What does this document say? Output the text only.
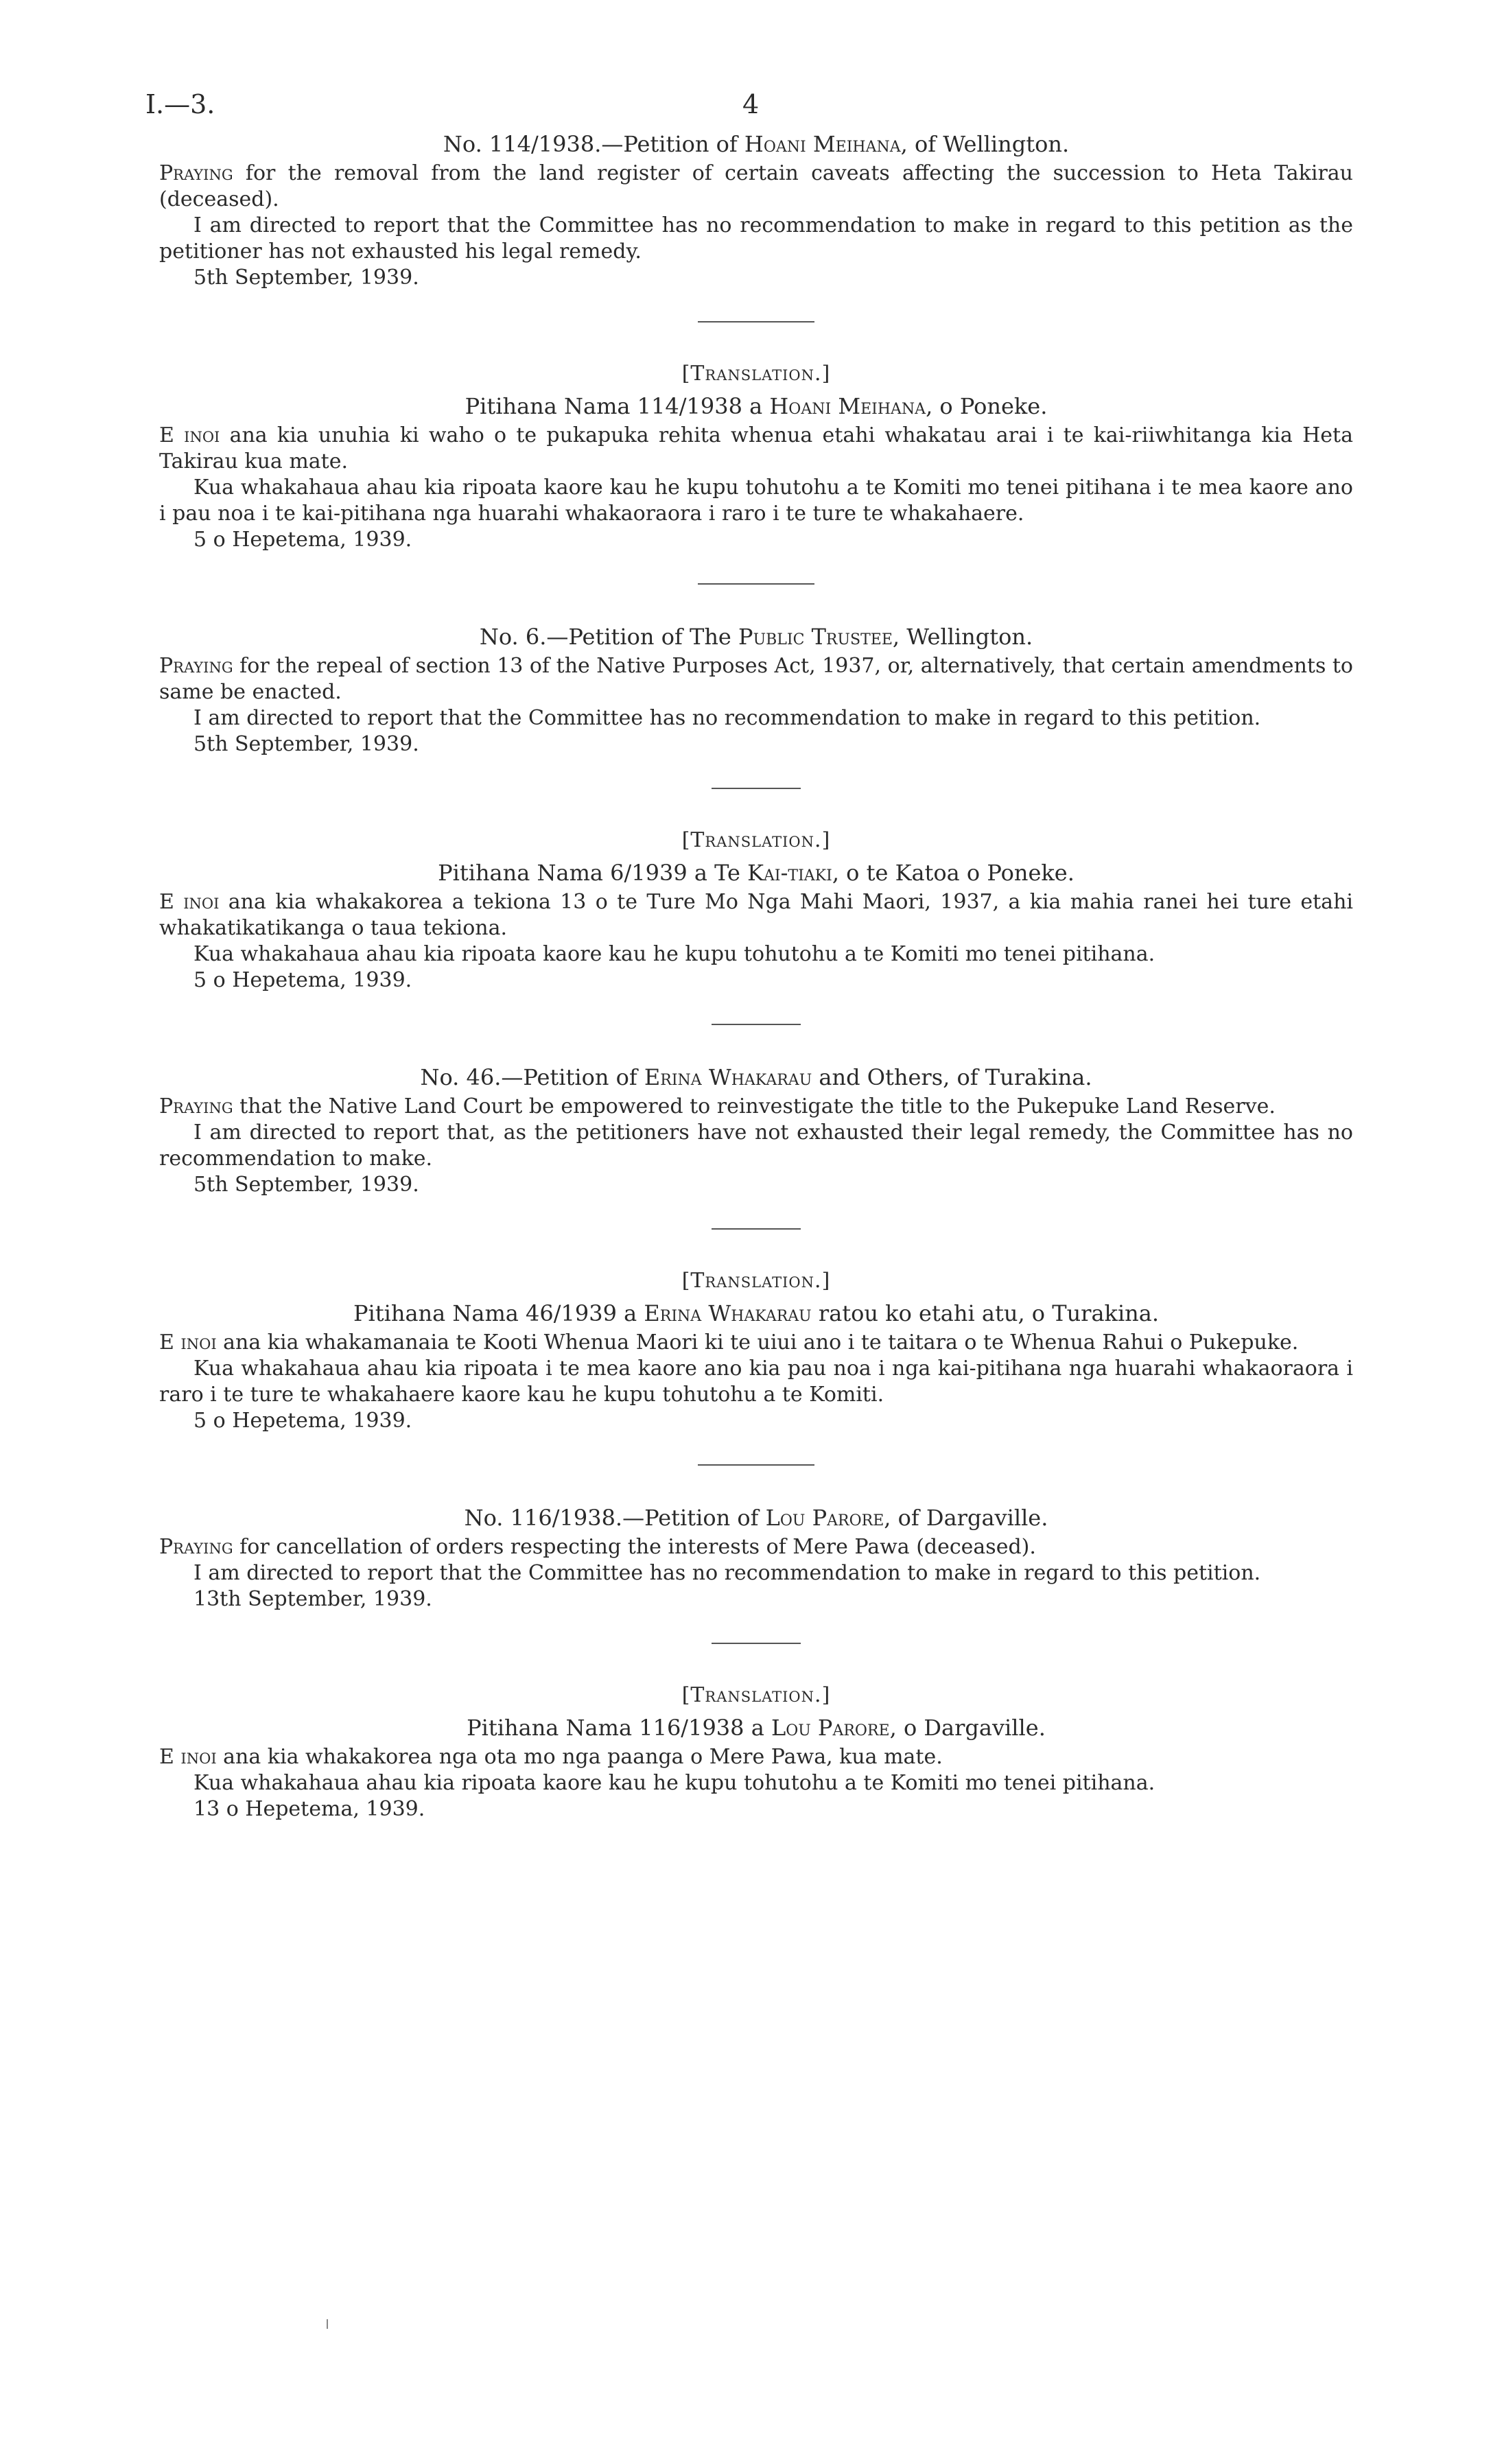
I.—3.	4

No. 114/1938.—Petition of Hoani Meihana, of Wellington.

Praying for the removal from the land register of certain caveats affecting the succession to Heta Takirau (deceased).

I am directed to report that the Committee has no recommendation to make in regard to this petition as the petitioner has not exhausted his legal remedy.

5th September, 1939.

[Translation.]

Pitihana Nama 114/1938 a Hoani Meihana, o Poneke.

E inoi ana kia unuhia ki waho o te pukapuka rehita whenua etahi whakatau arai i te kai-riiwhitanga kia Heta Takirau kua mate.

Kua whakahaua ahau kia ripoata kaore kau he kupu tohutohu a te Komiti mo tenei pitihana i te mea kaore ano i pau noa i te kai-pitihana nga huarahi whakaoraora i raro i te ture te whakahaere.

5 o Hepetema, 1939.

No. 6.—Petition of The Public Trustee, Wellington.

Praying for the repeal of section 13 of the Native Purposes Act, 1937, or, alternatively, that certain amendments to same be enacted.

I am directed to report that the Committee has no recommendation to make in regard to this petition.

5th September, 1939.

[Translation.]

Pitihana Nama 6/1939 a Te Kai-tiaki, o te Katoa o Poneke.

E inoi ana kia whakakorea a tekiona 13 o te Ture Mo Nga Mahi Maori, 1937, a kia mahia ranei hei ture etahi whakatikatikanga o taua tekiona.

Kua whakahaua ahau kia ripoata kaore kau he kupu tohutohu a te Komiti mo tenei pitihana.

5 o Hepetema, 1939.

No. 46.—Petition of Erina Whakarau and Others, of Turakina.

Praying that the Native Land Court be empowered to reinvestigate the title to the Pukepuke Land Reserve.

I am directed to report that, as the petitioners have not exhausted their legal remedy, the Committee has no recommendation to make.

5th September, 1939.

[Translation.]

Pitihana Nama 46/1939 a Erina Whakarau ratou ko etahi atu, o Turakina.

E inoi ana kia whakamanaia te Kooti Whenua Maori ki te uiui ano i te taitara o te Whenua Rahui o Pukepuke.

Kua whakahaua ahau kia ripoata i te mea kaore ano kia pau noa i nga kai-pitihana nga huarahi whakaoraora i raro i te ture te whakahaere kaore kau he kupu tohutohu a te Komiti.

5 o Hepetema, 1939.

No. 116/1938.—Petition of Lou Parore, of Dargaville.

Praying for cancellation of orders respecting the interests of Mere Pawa (deceased).

I am directed to report that the Committee has no recommendation to make in regard to this petition.

13th September, 1939.

[Translation.]

Pitihana Nama 116/1938 a Lou Parore, o Dargaville.

E inoi ana kia whakakorea nga ota mo nga paanga o Mere Pawa, kua mate.

Kua whakahaua ahau kia ripoata kaore kau he kupu tohutohu a te Komiti mo tenei pitihana.

13 o Hepetema, 1939.
